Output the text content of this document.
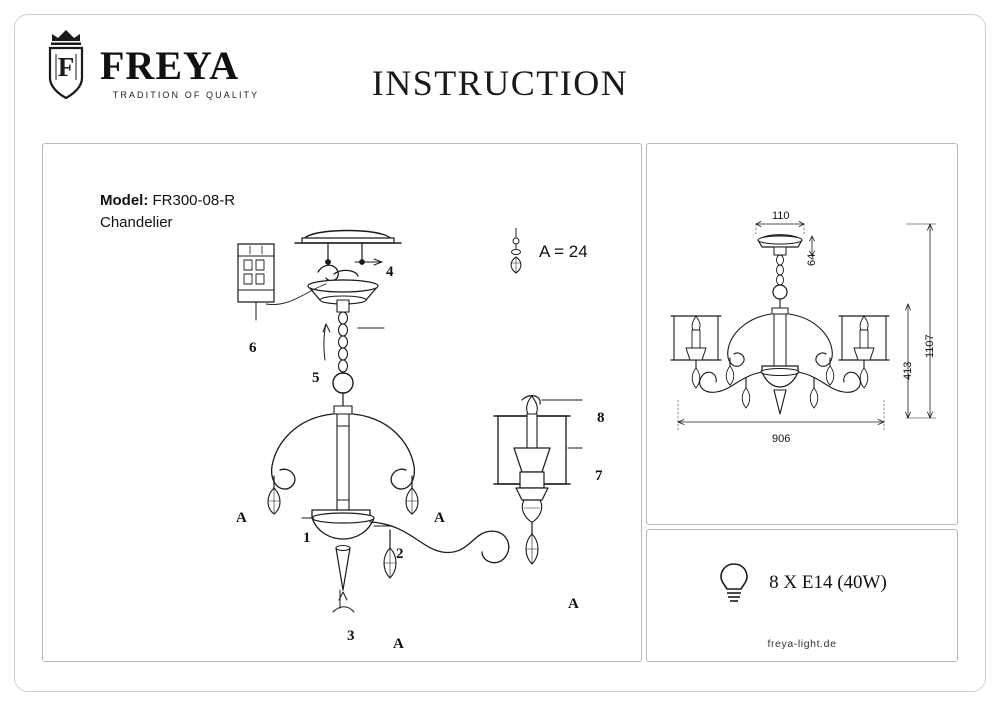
F FREYA
TRADITION OF QUALITY	INSTRUCTION
Model: FR300-08-R
Chandelier
A = 24
4
5
6
1
2
3
8
7
A	A
A
A
110
64
1107
413
906
8 X E14 (40W)
freya-light.de
